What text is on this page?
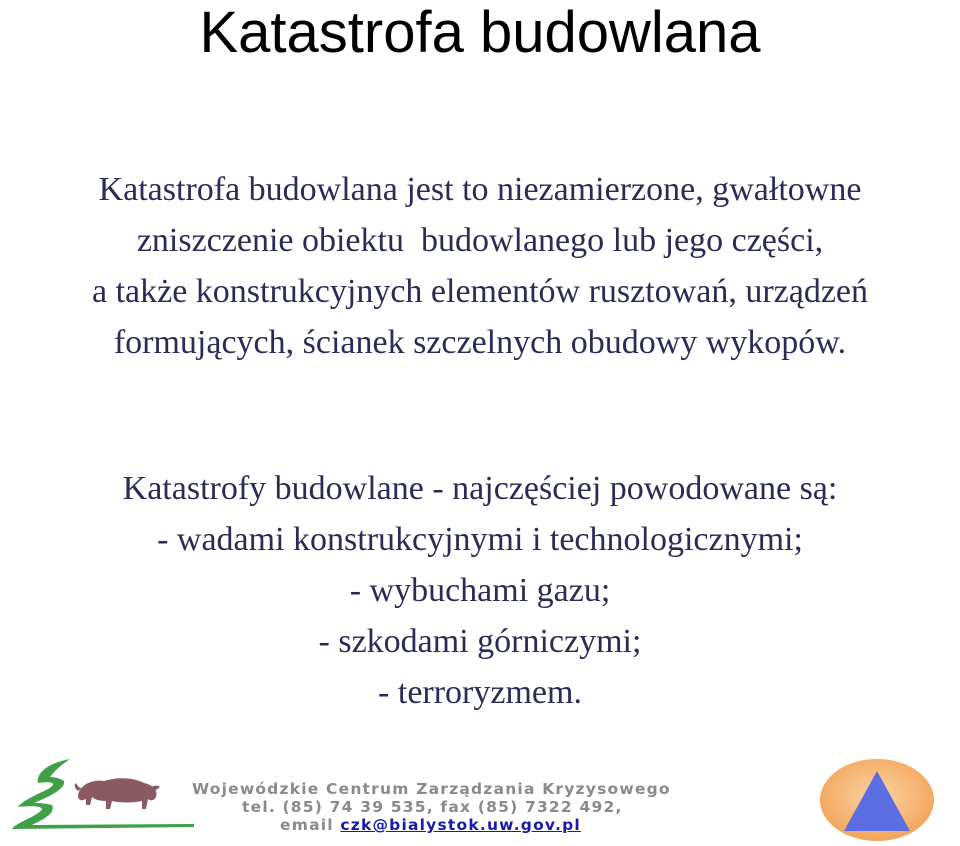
Katastrofa budowlana
Katastrofa budowlana jest to niezamierzone, gwałtowne
zniszczenie obiektu  budowlanego lub jego części,
a także konstrukcyjnych elementów rusztowań, urządzeń
formujących, ścianek szczelnych obudowy wykopów.
Katastrofy budowlane - najczęściej powodowane są:
- wadami konstrukcyjnymi i technologicznymi;
- wybuchami gazu;
- szkodami górniczymi;
- terroryzmem.
Wojewódzkie Centrum Zarządzania Kryzysowego
tel. (85) 74 39 535, fax (85) 7322 492,
email czk@bialystok.uw.gov.pl
